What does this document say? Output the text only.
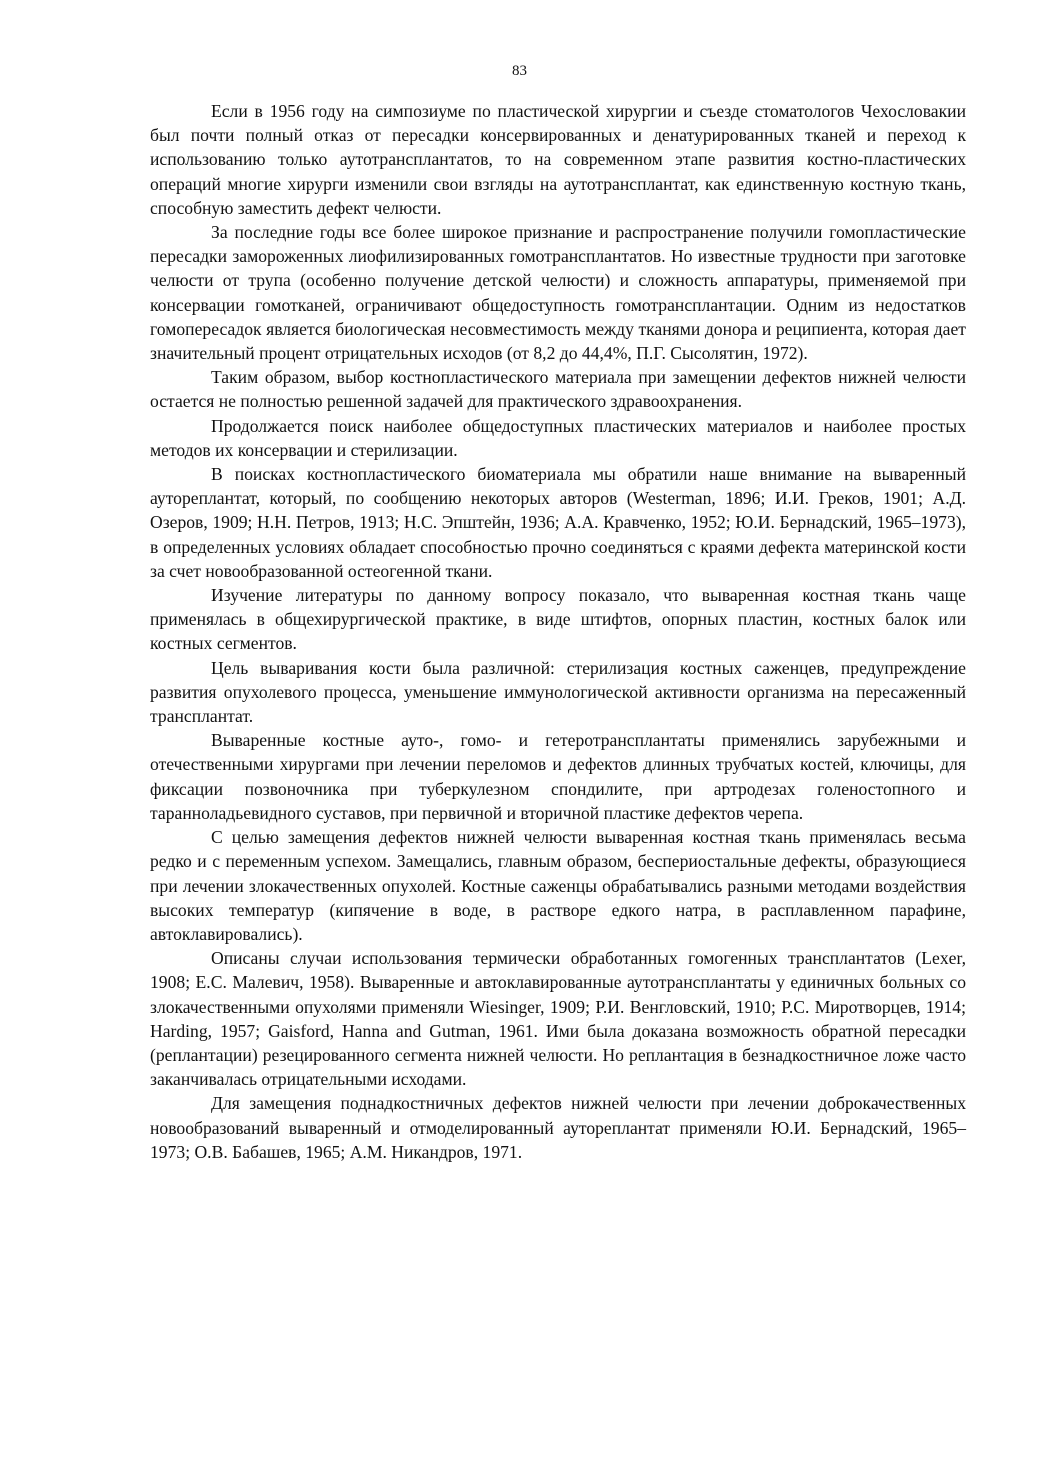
83

Если в 1956 году на симпозиуме по пластической хирургии и съезде стоматологов Чехословакии был почти полный отказ от пересадки консервированных и денатурированных тканей и переход к использованию только аутотрансплантатов, то на современном этапе развития костно-пластических операций многие хирурги изменили свои взгляды на аутотрансплантат, как единственную костную ткань, способную заместить дефект челюсти.

За последние годы все более широкое признание и распространение получили гомопластические пересадки замороженных лиофилизированных гомотрансплантатов. Но известные трудности при заготовке челюсти от трупа (особенно получение детской челюсти) и сложность аппаратуры, применяемой при консервации гомотканей, ограничивают общедоступность гомотрансплантации. Одним из недостатков гомопересадок является биологическая несовместимость между тканями донора и реципиента, которая дает значительный процент отрицательных исходов (от 8,2 до 44,4%, П.Г. Сысолятин, 1972).

Таким образом, выбор костнопластического материала при замещении дефектов нижней челюсти остается не полностью решенной задачей для практического здравоохранения.

Продолжается поиск наиболее общедоступных пластических материалов и наиболее простых методов их консервации и стерилизации.

В поисках костнопластического биоматериала мы обратили наше внимание на вываренный аутореплантат, который, по сообщению некоторых авторов (Westerman, 1896; И.И. Греков, 1901; А.Д. Озеров, 1909; Н.Н. Петров, 1913; Н.С. Эпштейн, 1936; А.А. Кравченко, 1952; Ю.И. Бернадский, 1965–1973), в определенных условиях обладает способностью прочно соединяться с краями дефекта материнской кости за счет новообразованной остеогенной ткани.

Изучение литературы по данному вопросу показало, что вываренная костная ткань чаще применялась в общехирургической практике, в виде штифтов, опорных пластин, костных балок или костных сегментов.

Цель вываривания кости была различной: стерилизация костных саженцев, предупреждение развития опухолевого процесса, уменьшение иммунологической активности организма на пересаженный трансплантат.

Вываренные костные ауто-, гомо- и гетеротрансплантаты применялись зарубежными и отечественными хирургами при лечении переломов и дефектов длинных трубчатых костей, ключицы, для фиксации позвоночника при туберкулезном спондилите, при артродезах голеностопного и таранноладьевидного суставов, при первичной и вторичной пластике дефектов черепа.

С целью замещения дефектов нижней челюсти вываренная костная ткань применялась весьма редко и с переменным успехом. Замещались, главным образом, беспериостальные дефекты, образующиеся при лечении злокачественных опухолей. Костные саженцы обрабатывались разными методами воздействия высоких температур (кипячение в воде, в растворе едкого натра, в расплавленном парафине, автоклавировались).

Описаны случаи использования термически обработанных гомогенных трансплантатов (Lexer, 1908; Е.С. Малевич, 1958). Вываренные и автоклавированные аутотрансплантаты у единичных больных со злокачественными опухолями применяли Wiesinger, 1909; Р.И. Венгловский, 1910; Р.С. Миротворцев, 1914; Harding, 1957; Gaisford, Hanna and Gutman, 1961. Ими была доказана возможность обратной пересадки (реплантации) резецированного сегмента нижней челюсти. Но реплантация в безнадкостничное ложе часто заканчивалась отрицательными исходами.

Для замещения поднадкостничных дефектов нижней челюсти при лечении доброкачественных новообразований вываренный и отмоделированный аутореплантат применяли Ю.И. Бернадский, 1965–1973; О.В. Бабашев, 1965; А.М. Никандров, 1971.
